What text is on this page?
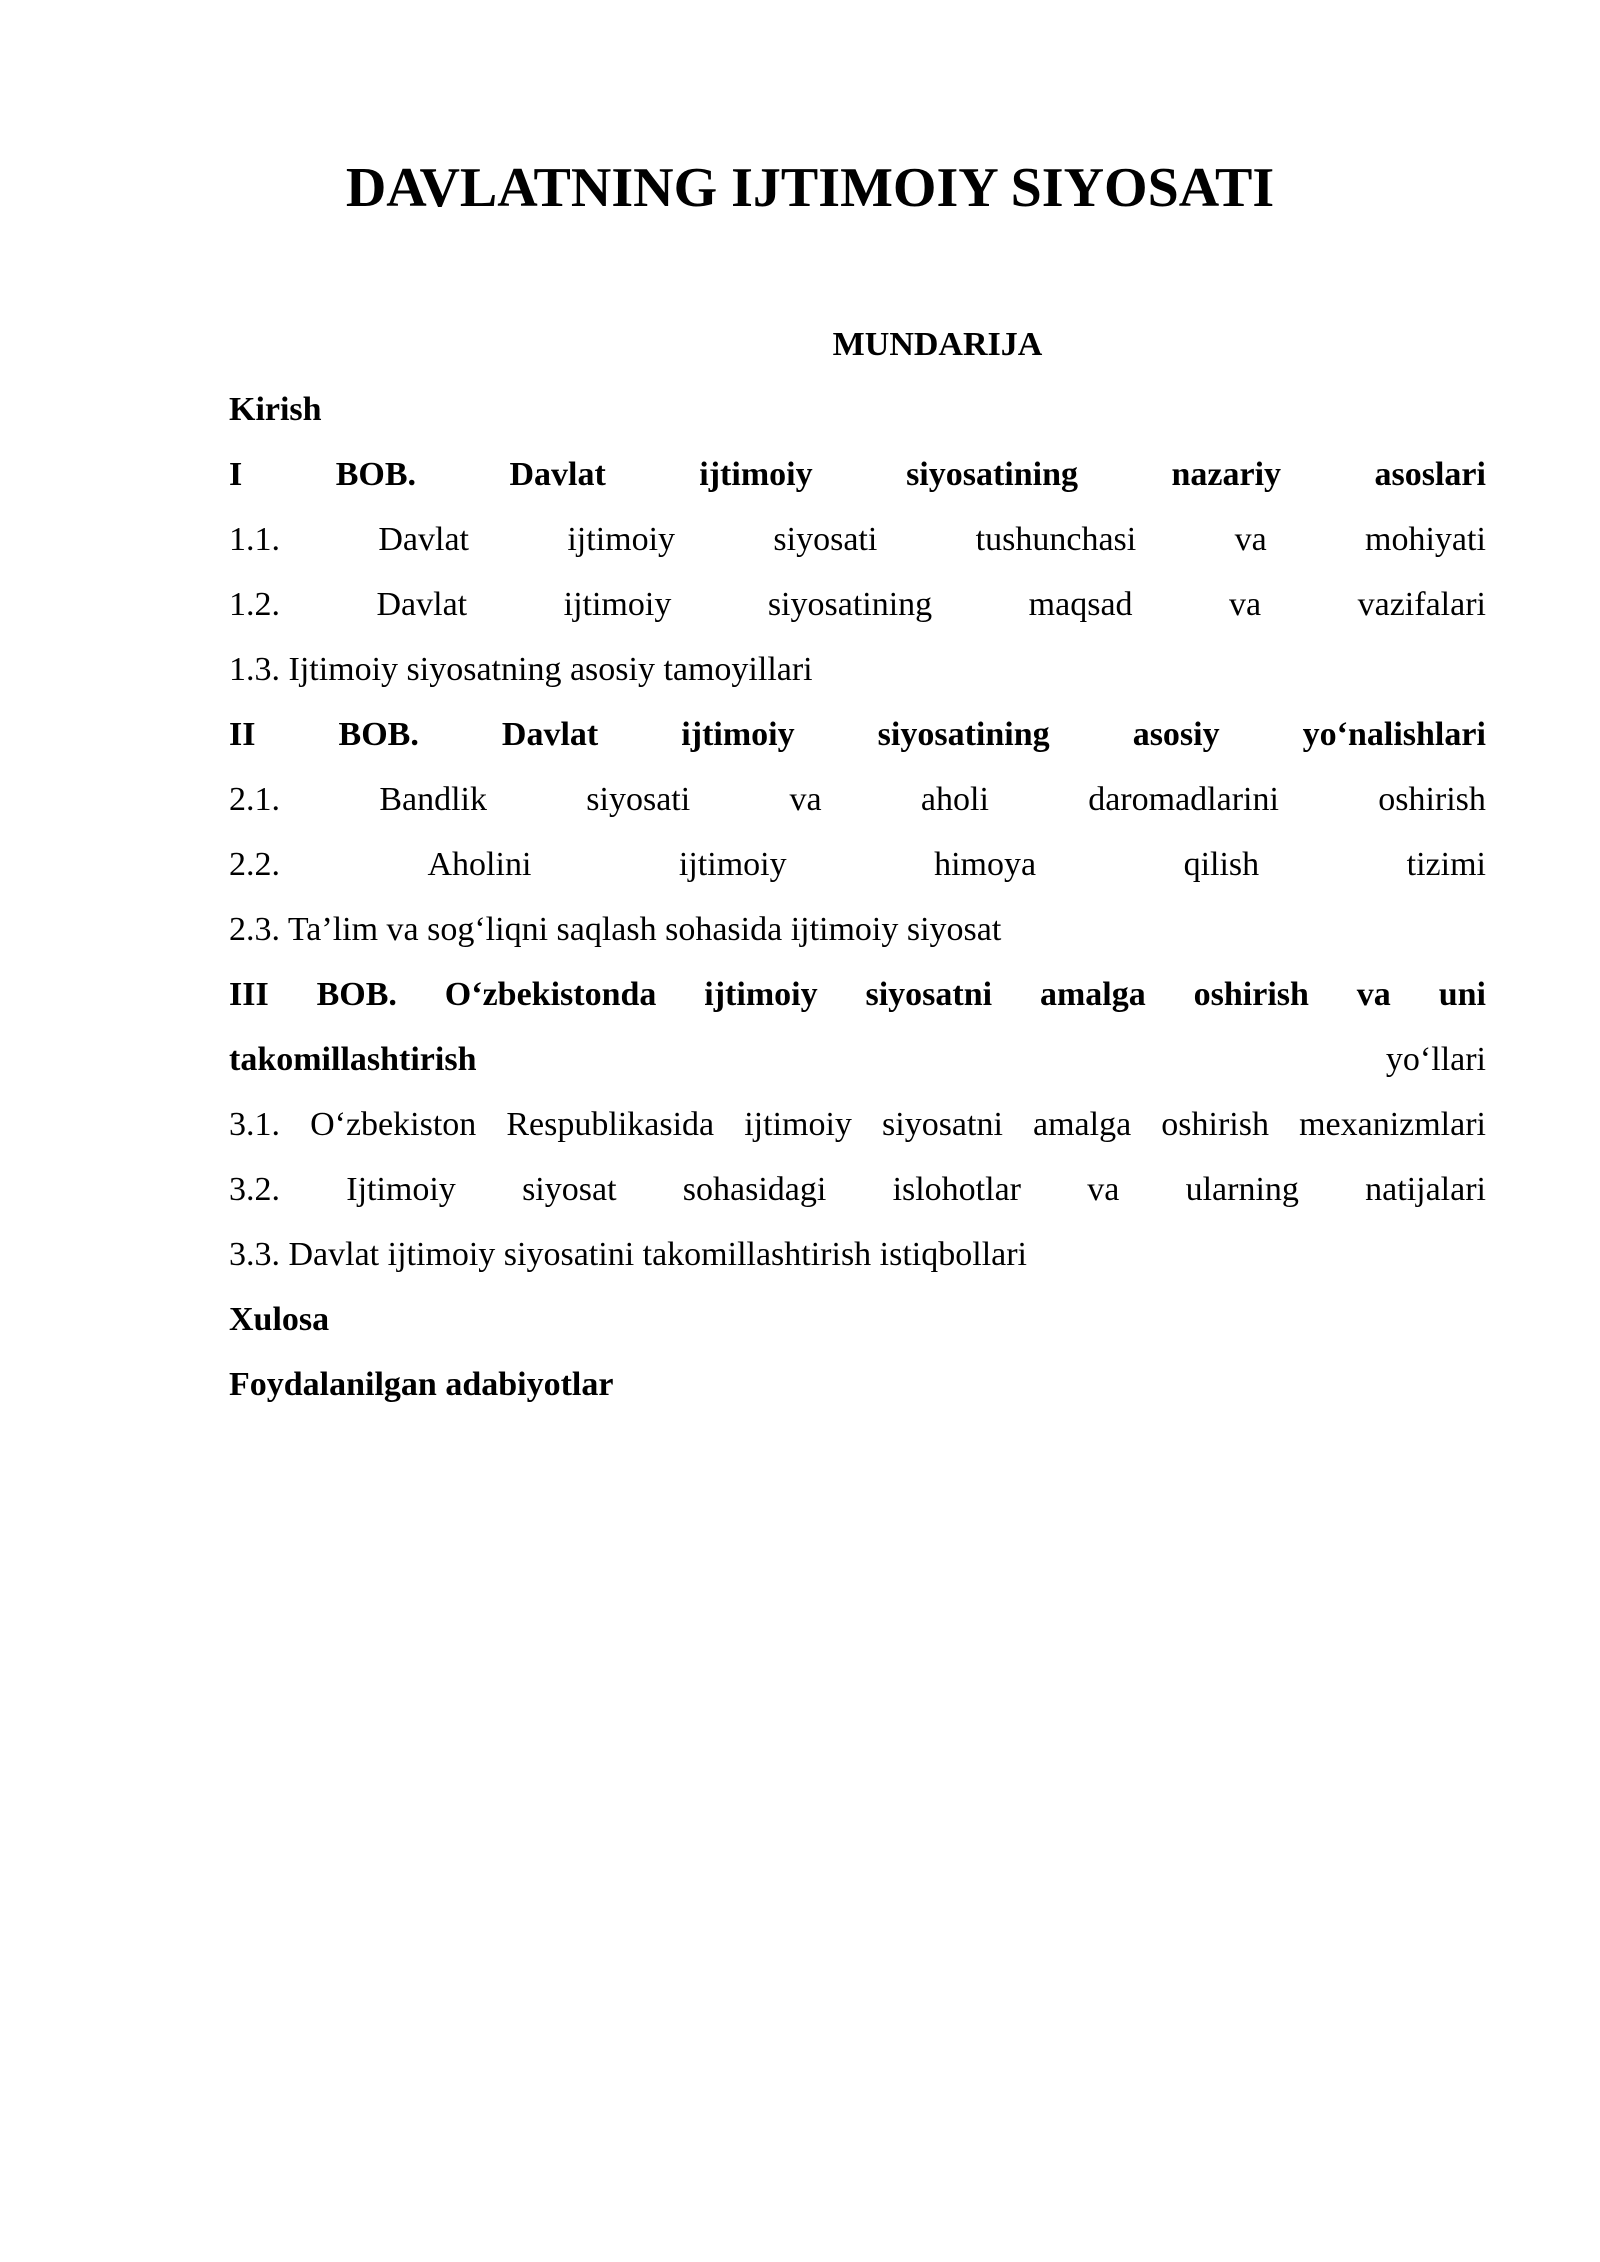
DAVLATNING IJTIMOIY SIYOSATI
MUNDARIJA
Kirish
I	BOB.	Davlat	ijtimoiy	siyosatining	nazariy	asoslari
1.1.	Davlat	ijtimoiy	siyosati	tushunchasi	va	mohiyati
1.2.	Davlat	ijtimoiy	siyosatining	maqsad	va	vazifalari
1.3. Ijtimoiy siyosatning asosiy tamoyillari
II BOB. Davlat ijtimoiy siyosatining asosiy yo‘nalishlari
2.1.	Bandlik	siyosati	va	aholi	daromadlarini	oshirish
2.2.	Aholini	ijtimoiy	himoya	qilish	tizimi
2.3. Ta’lim va sog‘liqni saqlash sohasida ijtimoiy siyosat
III BOB. O‘zbekistonda ijtimoiy siyosatni amalga oshirish va uni
takomillashtirish	yo‘llari
3.1. O‘zbekiston Respublikasida ijtimoiy siyosatni amalga oshirish mexanizmlari
3.2. Ijtimoiy siyosat sohasidagi islohotlar va ularning natijalari
3.3. Davlat ijtimoiy siyosatini takomillashtirish istiqbollari
Xulosa
Foydalanilgan adabiyotlar
